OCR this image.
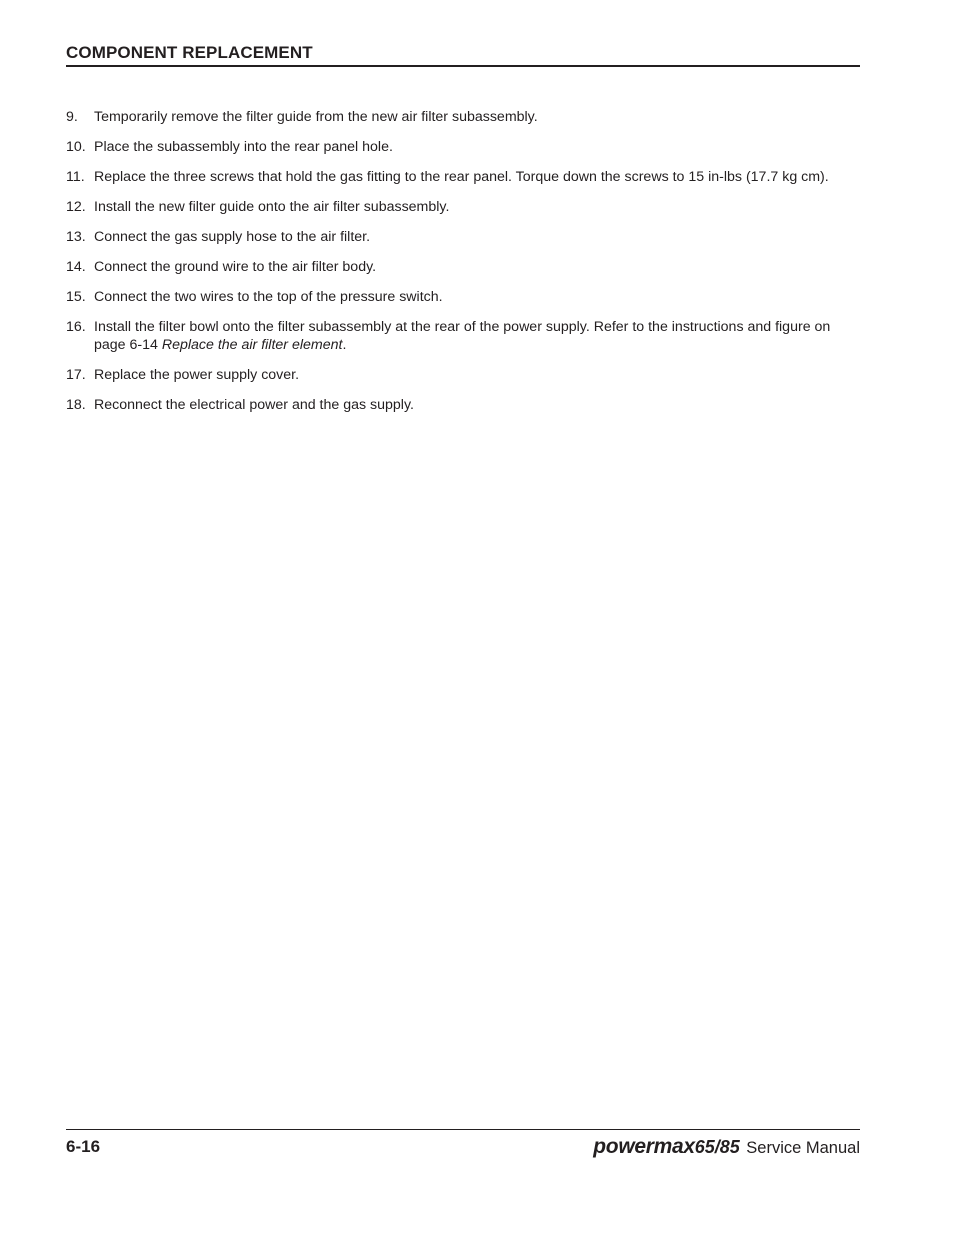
COMPONENT REPLACEMENT
9. Temporarily remove the filter guide from the new air filter subassembly.
10. Place the subassembly into the rear panel hole.
11. Replace the three screws that hold the gas fitting to the rear panel. Torque down the screws to 15 in-lbs (17.7 kg cm).
12. Install the new filter guide onto the air filter subassembly.
13. Connect the gas supply hose to the air filter.
14. Connect the ground wire to the air filter body.
15. Connect the two wires to the top of the pressure switch.
16. Install the filter bowl onto the filter subassembly at the rear of the power supply. Refer to the instructions and figure on page 6-14 Replace the air filter element.
17. Replace the power supply cover.
18. Reconnect the electrical power and the gas supply.
6-16	powermax65/85 Service Manual
